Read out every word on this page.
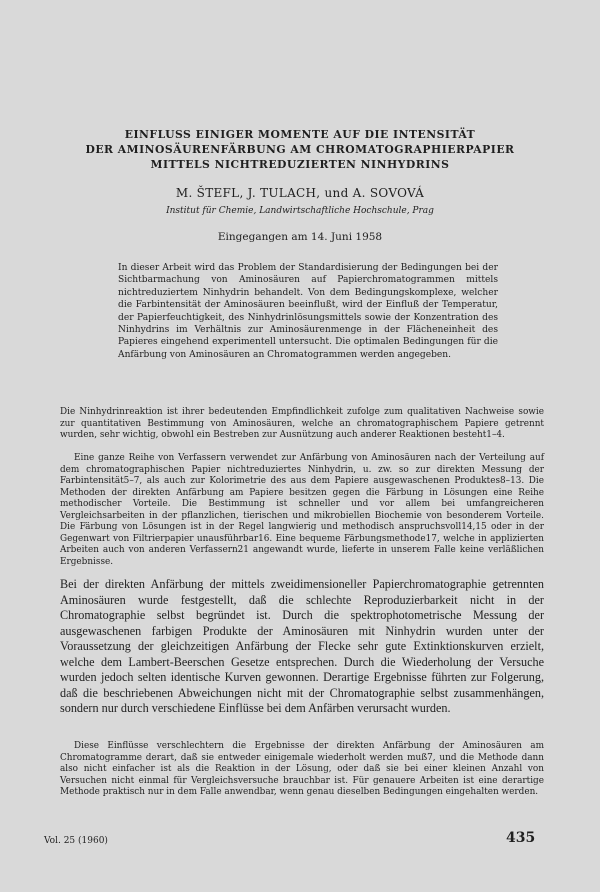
EINFLUSS EINIGER MOMENTE AUF DIE INTENSITÄT
DER AMINOSÄURENFÄRBUNG AM CHROMATOGRAPHIERPAPIER
MITTELS NICHTREDUZIERTEN NINHYDRINS
M. ŠTEFL, J. TULACH, und A. SOVOVÁ
Institut für Chemie, Landwirtschaftliche Hochschule, Prag
Eingegangen am 14. Juni 1958

In dieser Arbeit wird das Problem der Standardisierung der Bedingungen bei der Sichtbarmachung von Aminosäuren auf Papierchromatogrammen mittels nichtreduziertem Ninhydrin behandelt. Von dem Bedingungskomplexe, welcher die Farbintensität der Aminosäuren beeinflußt, wird der Einfluß der Temperatur, der Papierfeuchtigkeit, des Ninhydrinlösungsmittels sowie der Konzentration des Ninhydrins im Verhältnis zur Aminosäurenmenge in der Flächeneinheit des Papieres eingehend experimentell untersucht. Die optimalen Bedingungen für die Anfärbung von Aminosäuren an Chromatogrammen werden angegeben.

Die Ninhydrinreaktion ist ihrer bedeutenden Empfindlichkeit zufolge zum qualitativen Nachweise sowie zur quantitativen Bestimmung von Aminosäuren, welche an chromatographischem Papiere getrennt wurden, sehr wichtig, obwohl ein Bestreben zur Ausnützung auch anderer Reaktionen besteht1–4.

Eine ganze Reihe von Verfassern verwendet zur Anfärbung von Aminosäuren nach der Verteilung auf dem chromatographischen Papier nichtreduziertes Ninhydrin, u. zw. so zur direkten Messung der Farbintensität5–7, als auch zur Kolorimetrie des aus dem Papiere ausgewaschenen Produktes8–13. Die Methoden der direkten Anfärbung am Papiere besitzen gegen die Färbung in Lösungen eine Reihe methodischer Vorteile. Die Bestimmung ist schneller und vor allem bei umfangreicheren Vergleichsarbeiten in der pflanzlichen, tierischen und mikrobiellen Biochemie von besonderem Vorteile. Die Färbung von Lösungen ist in der Regel langwierig und methodisch anspruchsvoll14,15 oder in der Gegenwart von Filtrierpapier unausführbar16. Eine bequeme Färbungsmethode17, welche in applizierten Arbeiten auch von anderen Verfassern21 angewandt wurde, lieferte in unserem Falle keine verläßlichen Ergebnisse.

Bei der direkten Anfärbung der mittels zweidimensioneller Papierchromatographie getrennten Aminosäuren wurde festgestellt, daß die schlechte Reproduzierbarkeit nicht in der Chromatographie selbst begründet ist. Durch die spektrophotometrische Messung der ausgewaschenen farbigen Produkte der Aminosäuren mit Ninhydrin wurden unter der Voraussetzung der gleichzeitigen Anfärbung der Flecke sehr gute Extinktionskurven erzielt, welche dem Lambert-Beerschen Gesetze entsprechen. Durch die Wiederholung der Versuche wurden jedoch selten identische Kurven gewonnen. Derartige Ergebnisse führten zur Folgerung, daß die beschriebenen Abweichungen nicht mit der Chromatographie selbst zusammenhängen, sondern nur durch verschiedene Einflüsse bei dem Anfärben verursacht wurden.

Diese Einflüsse verschlechtern die Ergebnisse der direkten Anfärbung der Aminosäuren am Chromatogramme derart, daß sie entweder einigemale wiederholt werden muß7, und die Methode dann also nicht einfacher ist als die Reaktion in der Lösung, oder daß sie bei einer kleinen Anzahl von Versuchen nicht einmal für Vergleichsversuche brauchbar ist. Für genauere Arbeiten ist eine derartige Methode praktisch nur in dem Falle anwendbar, wenn genau dieselben Bedingungen eingehalten werden.

Vol. 25 (1960)	435
